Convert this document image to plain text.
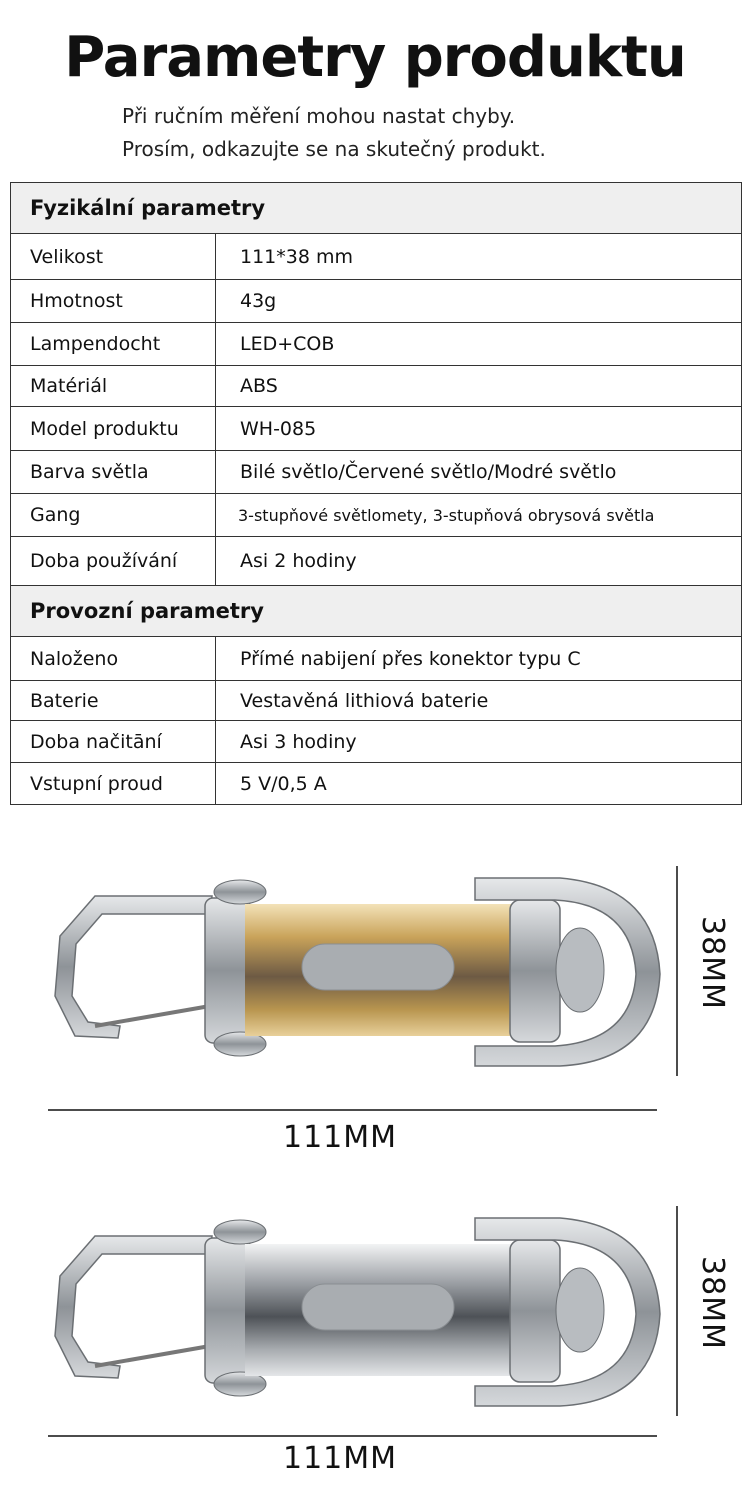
Parametry produktu
Při ručním měření mohou nastat chyby.
Prosím, odkazujte se na skutečný produkt.
Fyzikální parametry	
Velikost	111*38 mm
Hmotnost	43g
Lampendocht	LED+COB
Matériál	ABS
Model produktu	WH-085
Barva světla	Bilé světlo/Červené světlo/Modré světlo
Gang	3-stupňové světlomety, 3-stupňová obrysová světla
Doba používání	Asi 2 hodiny
Provozní parametry	
Naloženo	Přímé nabijení přes konektor typu C
Baterie	Vestavěná lithiová baterie
Doba načitāní	Asi 3 hodiny
Vstupní proud	5 V/0,5 A
38MM
111MM
38MM
111MM
